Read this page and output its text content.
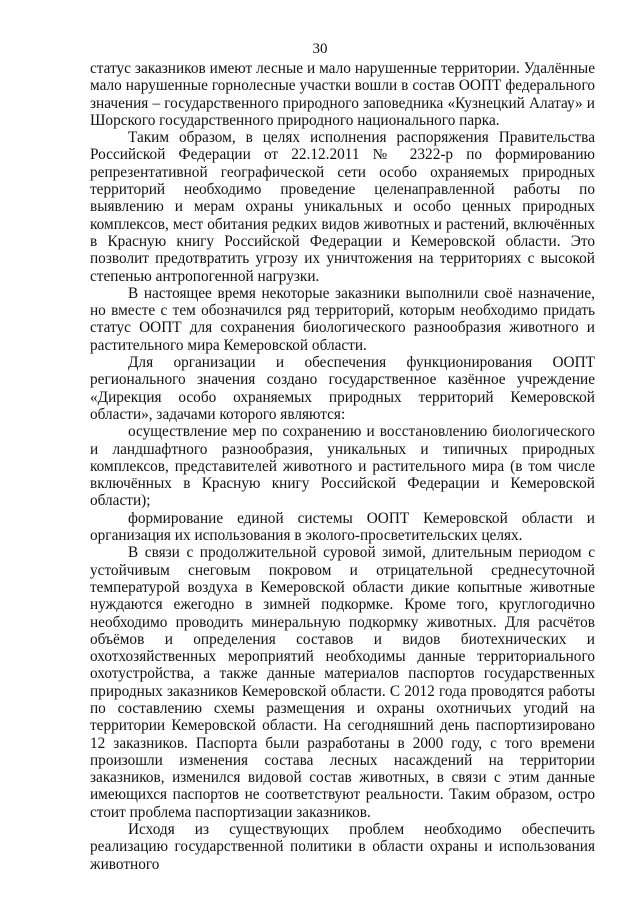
30

статус заказников имеют лесные и мало нарушенные территории. Удалённые мало нарушенные горнолесные участки вошли в состав ООПТ федерального значения – государственного природного заповедника «Кузнецкий Алатау» и Шорского государственного природного национального парка.

Таким образом, в целях исполнения распоряжения Правительства Российской Федерации от 22.12.2011 № 2322-р по формированию репрезентативной географической сети особо охраняемых природных территорий необходимо проведение целенаправленной работы по выявлению и мерам охраны уникальных и особо ценных природных комплексов, мест обитания редких видов животных и растений, включённых в Красную книгу Российской Федерации и Кемеровской области. Это позволит предотвратить угрозу их уничтожения на территориях с высокой степенью антропогенной нагрузки.

В настоящее время некоторые заказники выполнили своё назначение, но вместе с тем обозначился ряд территорий, которым необходимо придать статус ООПТ для сохранения биологического разнообразия животного и растительного мира Кемеровской области.

Для организации и обеспечения функционирования ООПТ регионального значения создано государственное казённое учреждение «Дирекция особо охраняемых природных территорий Кемеровской области», задачами которого являются:

осуществление мер по сохранению и восстановлению биологического и ландшафтного разнообразия, уникальных и типичных природных комплексов, представителей животного и растительного мира (в том числе включённых в Красную книгу Российской Федерации и Кемеровской области);

формирование единой системы ООПТ Кемеровской области и организация их использования в эколого-просветительских целях.

В связи с продолжительной суровой зимой, длительным периодом с устойчивым снеговым покровом и отрицательной среднесуточной температурой воздуха в Кемеровской области дикие копытные животные нуждаются ежегодно в зимней подкормке. Кроме того, круглогодично необходимо проводить минеральную подкормку животных. Для расчётов объёмов и определения составов и видов биотехнических и охотхозяйственных мероприятий необходимы данные территориального охотустройства, а также данные материалов паспортов государственных природных заказников Кемеровской области. С 2012 года проводятся работы по составлению схемы размещения и охраны охотничьих угодий на территории Кемеровской области. На сегодняшний день паспортизировано 12 заказников. Паспорта были разработаны в 2000 году, с того времени произошли изменения состава лесных насаждений на территории заказников, изменился видовой состав животных, в связи с этим данные имеющихся паспортов не соответствуют реальности. Таким образом, остро стоит проблема паспортизации заказников.

Исходя из существующих проблем необходимо обеспечить реализацию государственной политики в области охраны и использования животного
